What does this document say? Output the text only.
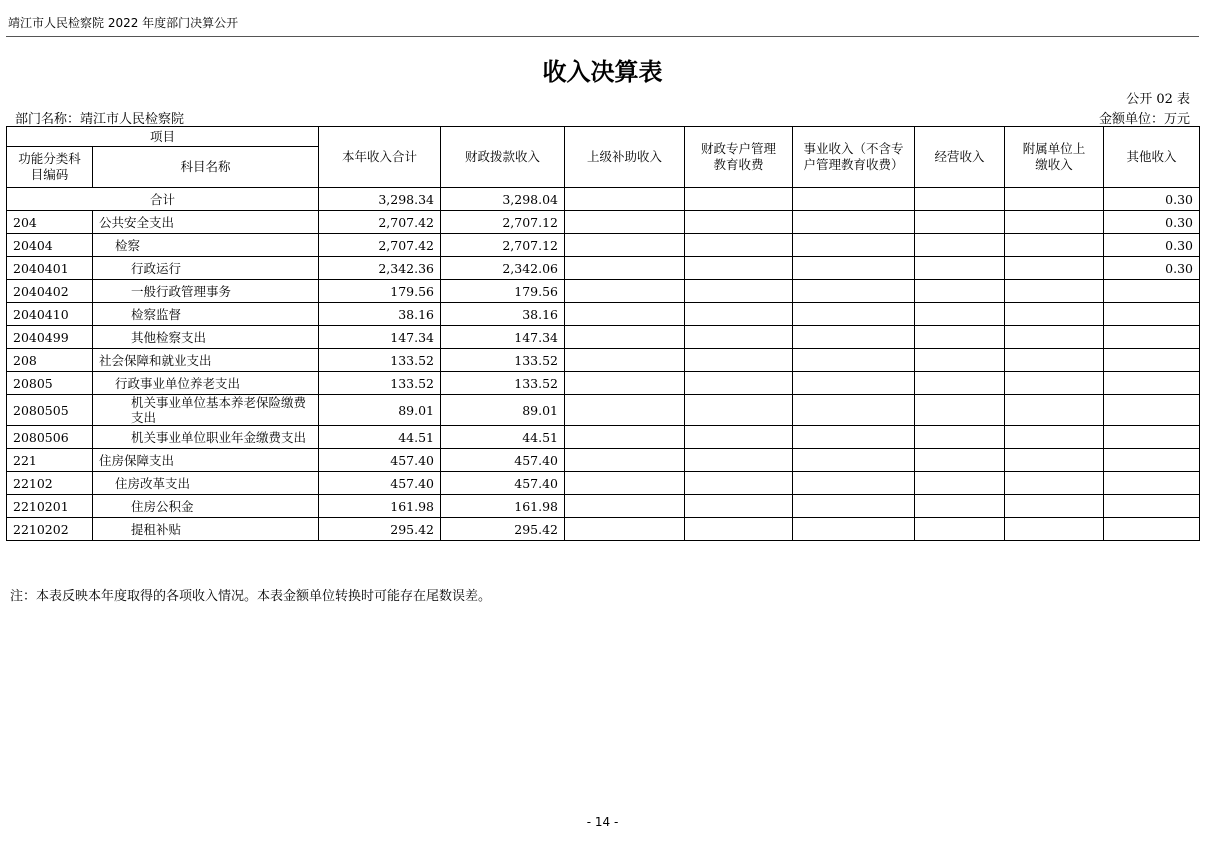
靖江市人民检察院 2022 年度部门决算公开
收入决算表
公开 02 表
部门名称：靖江市人民检察院	金额单位：万元
项目		本年收入合计	财政拨款收入	上级补助收入	财政专户管理教育收费	事业收入（不含专户管理教育收费）	经营收入	附属单位上缴收入	其他收入
功能分类科目编码	科目名称								
合计		3,298.34	3,298.04						0.30
204	公共安全支出	2,707.42	2,707.12						0.30
20404	检察	2,707.42	2,707.12						0.30
2040401	行政运行	2,342.36	2,342.06						0.30
2040402	一般行政管理事务	179.56	179.56						
2040410	检察监督	38.16	38.16						
2040499	其他检察支出	147.34	147.34						
208	社会保障和就业支出	133.52	133.52						
20805	行政事业单位养老支出	133.52	133.52						
2080505	机关事业单位基本养老保险缴费支出	89.01	89.01						
2080506	机关事业单位职业年金缴费支出	44.51	44.51						
221	住房保障支出	457.40	457.40						
22102	住房改革支出	457.40	457.40						
2210201	住房公积金	161.98	161.98						
2210202	提租补贴	295.42	295.42						
注：本表反映本年度取得的各项收入情况。本表金额单位转换时可能存在尾数误差。
- 14 -
